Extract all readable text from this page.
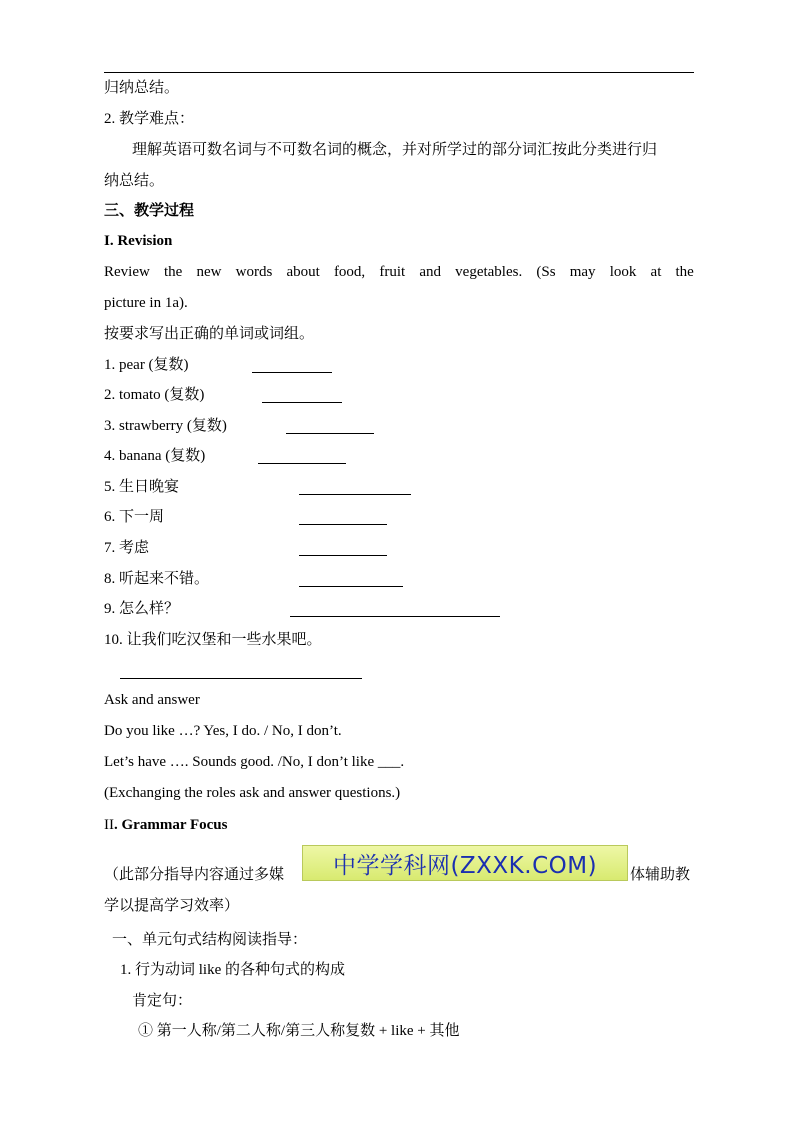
归纳总结。
2. 教学难点：
理解英语可数名词与不可数名词的概念，并对所学过的部分词汇按此分类进行归
纳总结。
三、教学过程
I. Revision
Review the new words about food, fruit and vegetables. (Ss may look at the
picture in 1a).
按要求写出正确的单词或词组。
1. pear (复数)
2. tomato (复数)
3. strawberry (复数)
4. banana (复数)
5. 生日晚宴
6. 下一周
7. 考虑
8. 听起来不错。
9. 怎么样？
10. 让我们吃汉堡和一些水果吧。
Ask and answer
Do you like …? Yes, I do. / No, I don’t.
Let’s have …. Sounds good. /No, I don’t like ___.
(Exchanging the roles ask and answer questions.)
II. Grammar Focus
（此部分指导内容通过多媒 中学学科网(ZXXK.COM) 体辅助教
学以提高学习效率）
一、单元句式结构阅读指导：
1. 行为动词 like 的各种句式的构成
肯定句：
① 第一人称/第二人称/第三人称复数 + like + 其他
